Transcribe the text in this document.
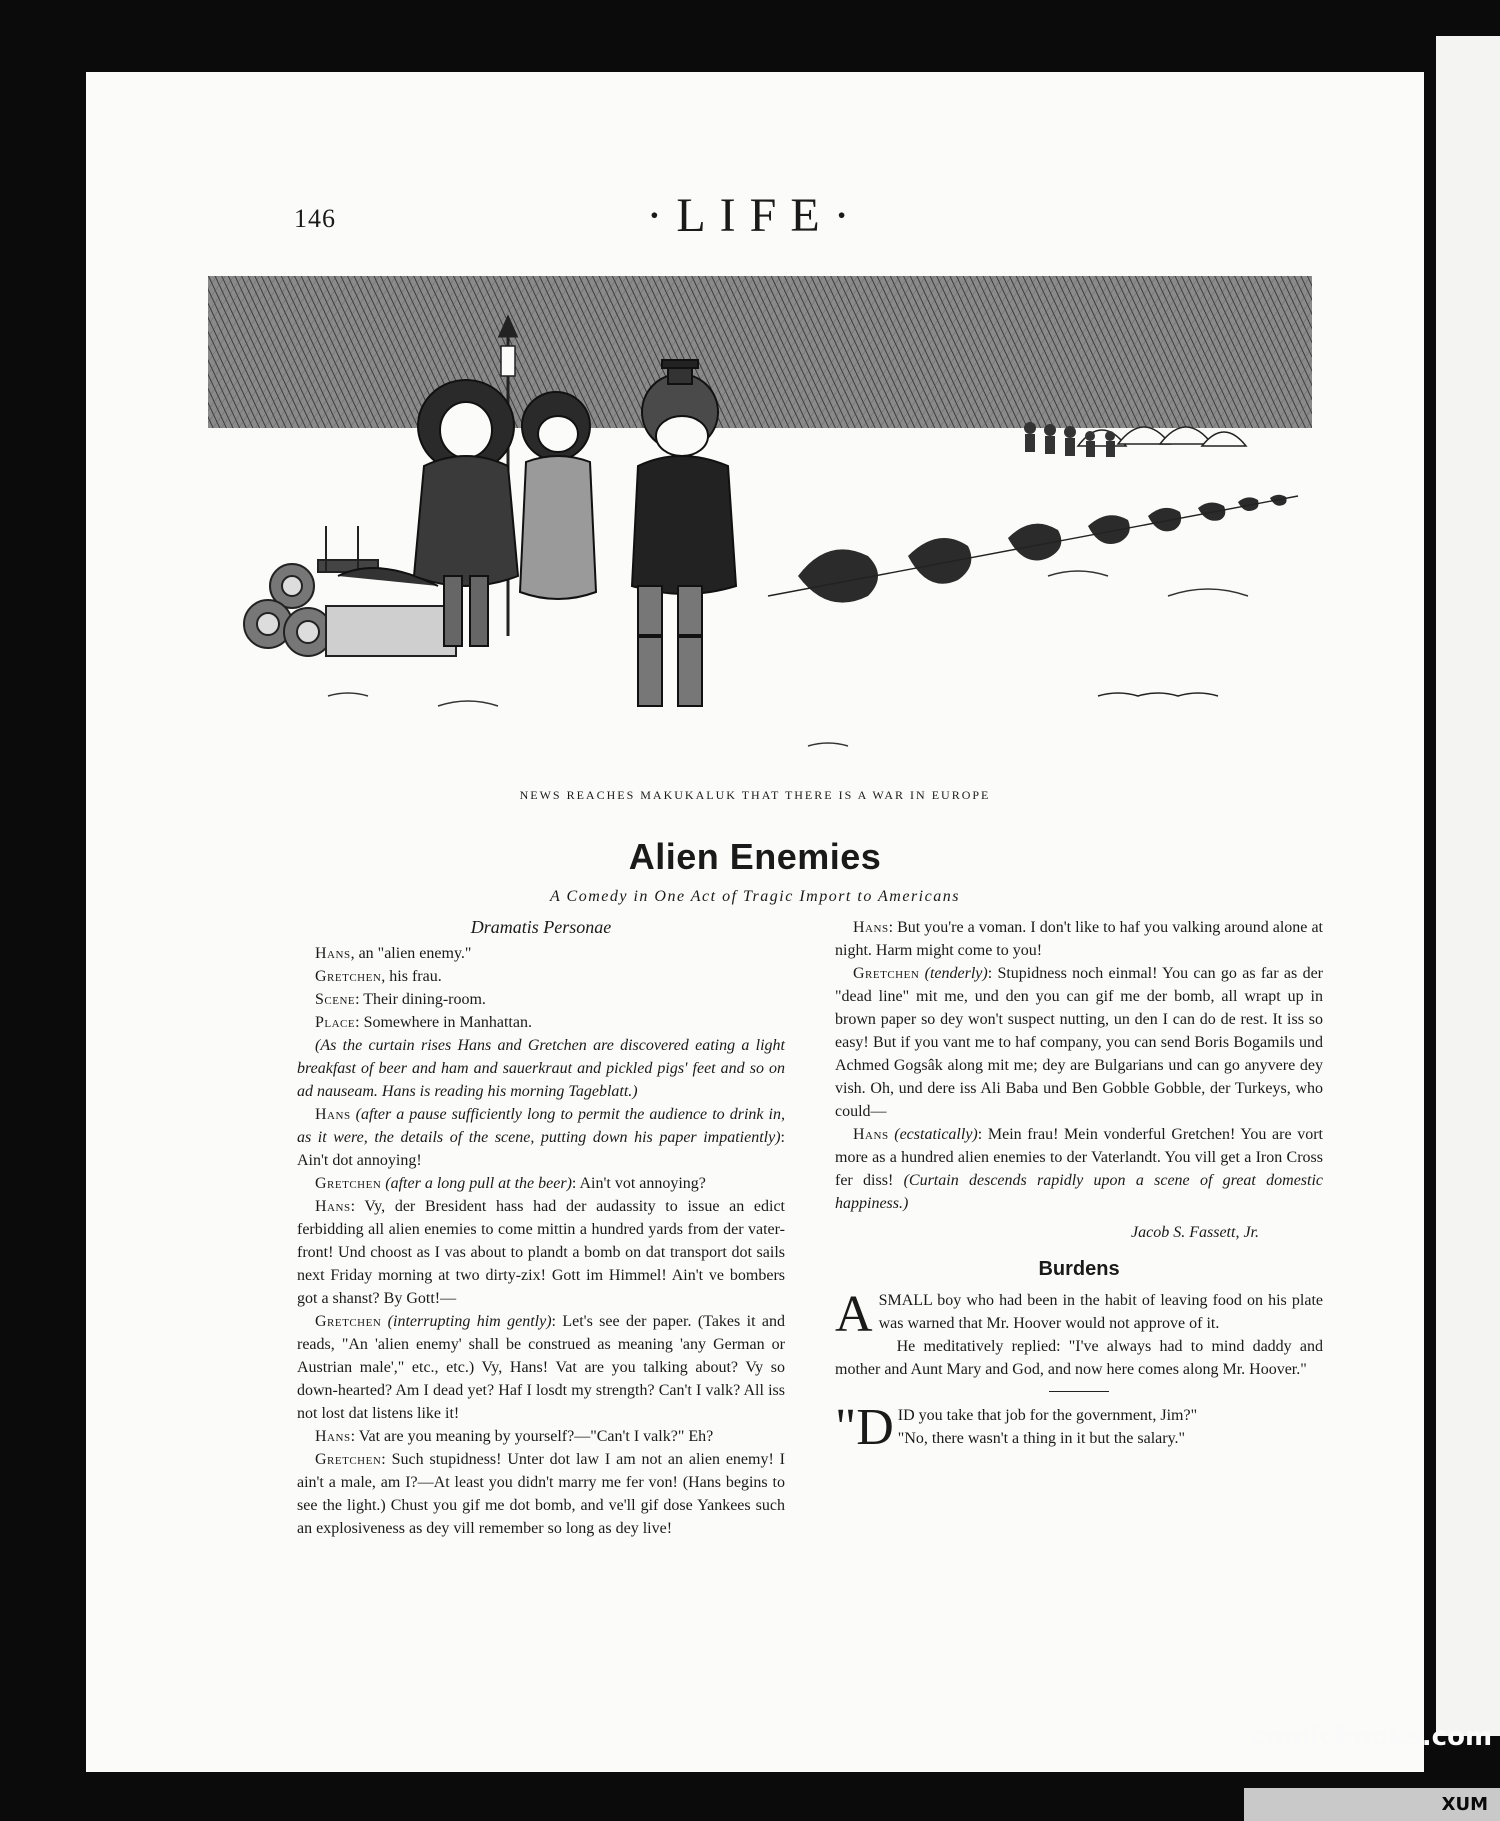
146	·LIFE·
NEWS REACHES MAKUKALUK THAT THERE IS A WAR IN EUROPE
Alien Enemies
A Comedy in One Act of Tragic Import to Americans
Dramatis Personae
Hans, an "alien enemy."
Gretchen, his frau.
Scene: Their dining-room.
Place: Somewhere in Manhattan.

(As the curtain rises Hans and Gretchen are discovered eating a light breakfast of beer and ham and sauerkraut and pickled pigs' feet and so on ad nauseam. Hans is reading his morning Tageblatt.)

Hans (after a pause sufficiently long to permit the audience to drink in, as it were, the details of the scene, putting down his paper impatiently): Ain't dot annoying!

Gretchen (after a long pull at the beer): Ain't vot annoying?

Hans: Vy, der Bresident hass had der audassity to issue an edict ferbidding all alien enemies to come mittin a hundred yards from der vater-front! Und choost as I vas about to plandt a bomb on dat transport dot sails next Friday morning at two dirty-zix! Gott im Himmel! Ain't ve bombers got a shanst? By Gott!—

Gretchen (interrupting him gently): Let's see der paper. (Takes it and reads, "An 'alien enemy' shall be construed as meaning 'any German or Austrian male'," etc., etc.) Vy, Hans! Vat are you talking about? Vy so down-hearted? Am I dead yet? Haf I losdt my strength? Can't I valk? All iss not lost dat listens like it!

Hans: Vat are you meaning by yourself?—"Can't I valk?" Eh?

Gretchen: Such stupidness! Unter dot law I am not an alien enemy! I ain't a male, am I?—At least you didn't marry me fer von! (Hans begins to see the light.) Chust you gif me dot bomb, and ve'll gif dose Yankees such an explosiveness as dey vill remember so long as dey live!

Hans: But you're a voman. I don't like to haf you valking around alone at night. Harm might come to you!

Gretchen (tenderly): Stupidness noch einmal! You can go as far as der "dead line" mit me, und den you can gif me der bomb, all wrapt up in brown paper so dey won't suspect nutting, un den I can do de rest. It iss so easy! But if you vant me to haf company, you can send Boris Bogamils und Achmed Gogsâk along mit me; dey are Bulgarians und can go anyvere dey vish. Oh, und dere iss Ali Baba und Ben Gobble Gobble, der Turkeys, who could—

Hans (ecstatically): Mein frau! Mein vonderful Gretchen! You are vort more as a hundred alien enemies to der Vaterlandt. You vill get a Iron Cross fer diss! (Curtain descends rapidly upon a scene of great domestic happiness.)

Jacob S. Fassett, Jr.
Burdens

ASMALL boy who had been in the habit of leaving food on his plate was warned that Mr. Hoover would not approve of it.

He meditatively replied: "I've always had to mind daddy and mother and Aunt Mary and God, and now here comes along Mr. Hoover."

"DID you take that job for the government, Jim?"
"No, there wasn't a thing in it but the salary."

comicbooks.com
XUM
